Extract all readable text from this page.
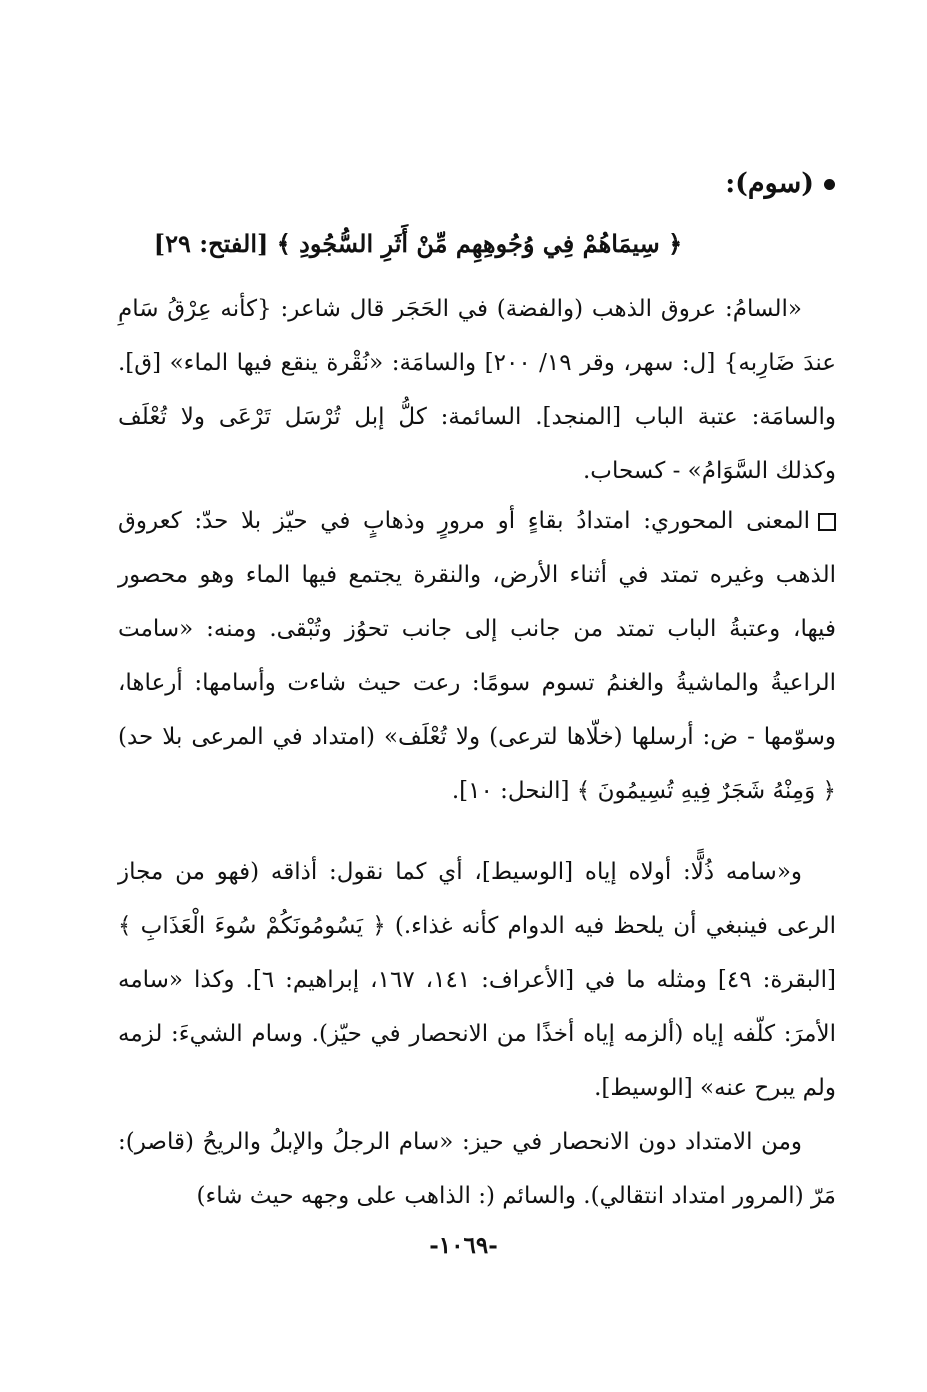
(سوم):
﴿ سِيمَاهُمْ فِي وُجُوهِهِم مِّنْ أَثَرِ السُّجُودِ ﴾ [الفتح: ٢٩]
«السامُ: عروق الذهب (والفضة) في الحَجَر قال شاعر: {كأنه عِرْقُ سَامِ عندَ ضَارِبه} [ل: سهر، وقر ١٩/ ٢٠٠] والسامَة: «نُقْرة ينقع فيها الماء» [ق]. والسامَة: عتبة الباب [المنجد]. السائمة: كلُّ إبل تُرْسَل تَرْعَى ولا تُعْلَف وكذلك السَّوَامُ» - كسحاب.
المعنى المحوري: امتدادُ بقاءٍ أو مرورٍ وذهابٍ في حيّز بلا حدّ: كعروق الذهب وغيره تمتد في أثناء الأرض، والنقرة يجتمع فيها الماء وهو محصور فيها، وعتبةُ الباب تمتد من جانب إلى جانب تحوُز وتُبْقى. ومنه: «سامت الراعيةُ والماشيةُ والغنمُ تسوم سومًا: رعت حيث شاءت وأسامها: أرعاها، وسوّمها - ض: أرسلها (خلّاها لترعى) ولا تُعْلَف» (امتداد في المرعى بلا حد) ﴿ وَمِنْهُ شَجَرٌ فِيهِ تُسِيمُونَ ﴾ [النحل: ١٠].
و«سامه ذُلًّا: أولاه إياه [الوسيط]، أي كما نقول: أذاقه (فهو من مجاز الرعى فينبغي أن يلحظ فيه الدوام كأنه غذاء.) ﴿ يَسُومُونَكُمْ سُوءَ الْعَذَابِ ﴾ [البقرة: ٤٩] ومثله ما في [الأعراف: ١٤١، ١٦٧، إبراهيم: ٦]. وكذا «سامه الأمرَ: كلّفه إياه (ألزمه إياه أخذًا من الانحصار في حيّز). وسام الشيءَ: لزمه ولم يبرح عنه» [الوسيط].
ومن الامتداد دون الانحصار في حيز: «سام الرجلُ والإبلُ والريحُ (قاصر): مَرّ (المرور امتداد انتقالي). والسائم (: الذاهب على وجهه حيث شاء)
-١٠٦٩-
